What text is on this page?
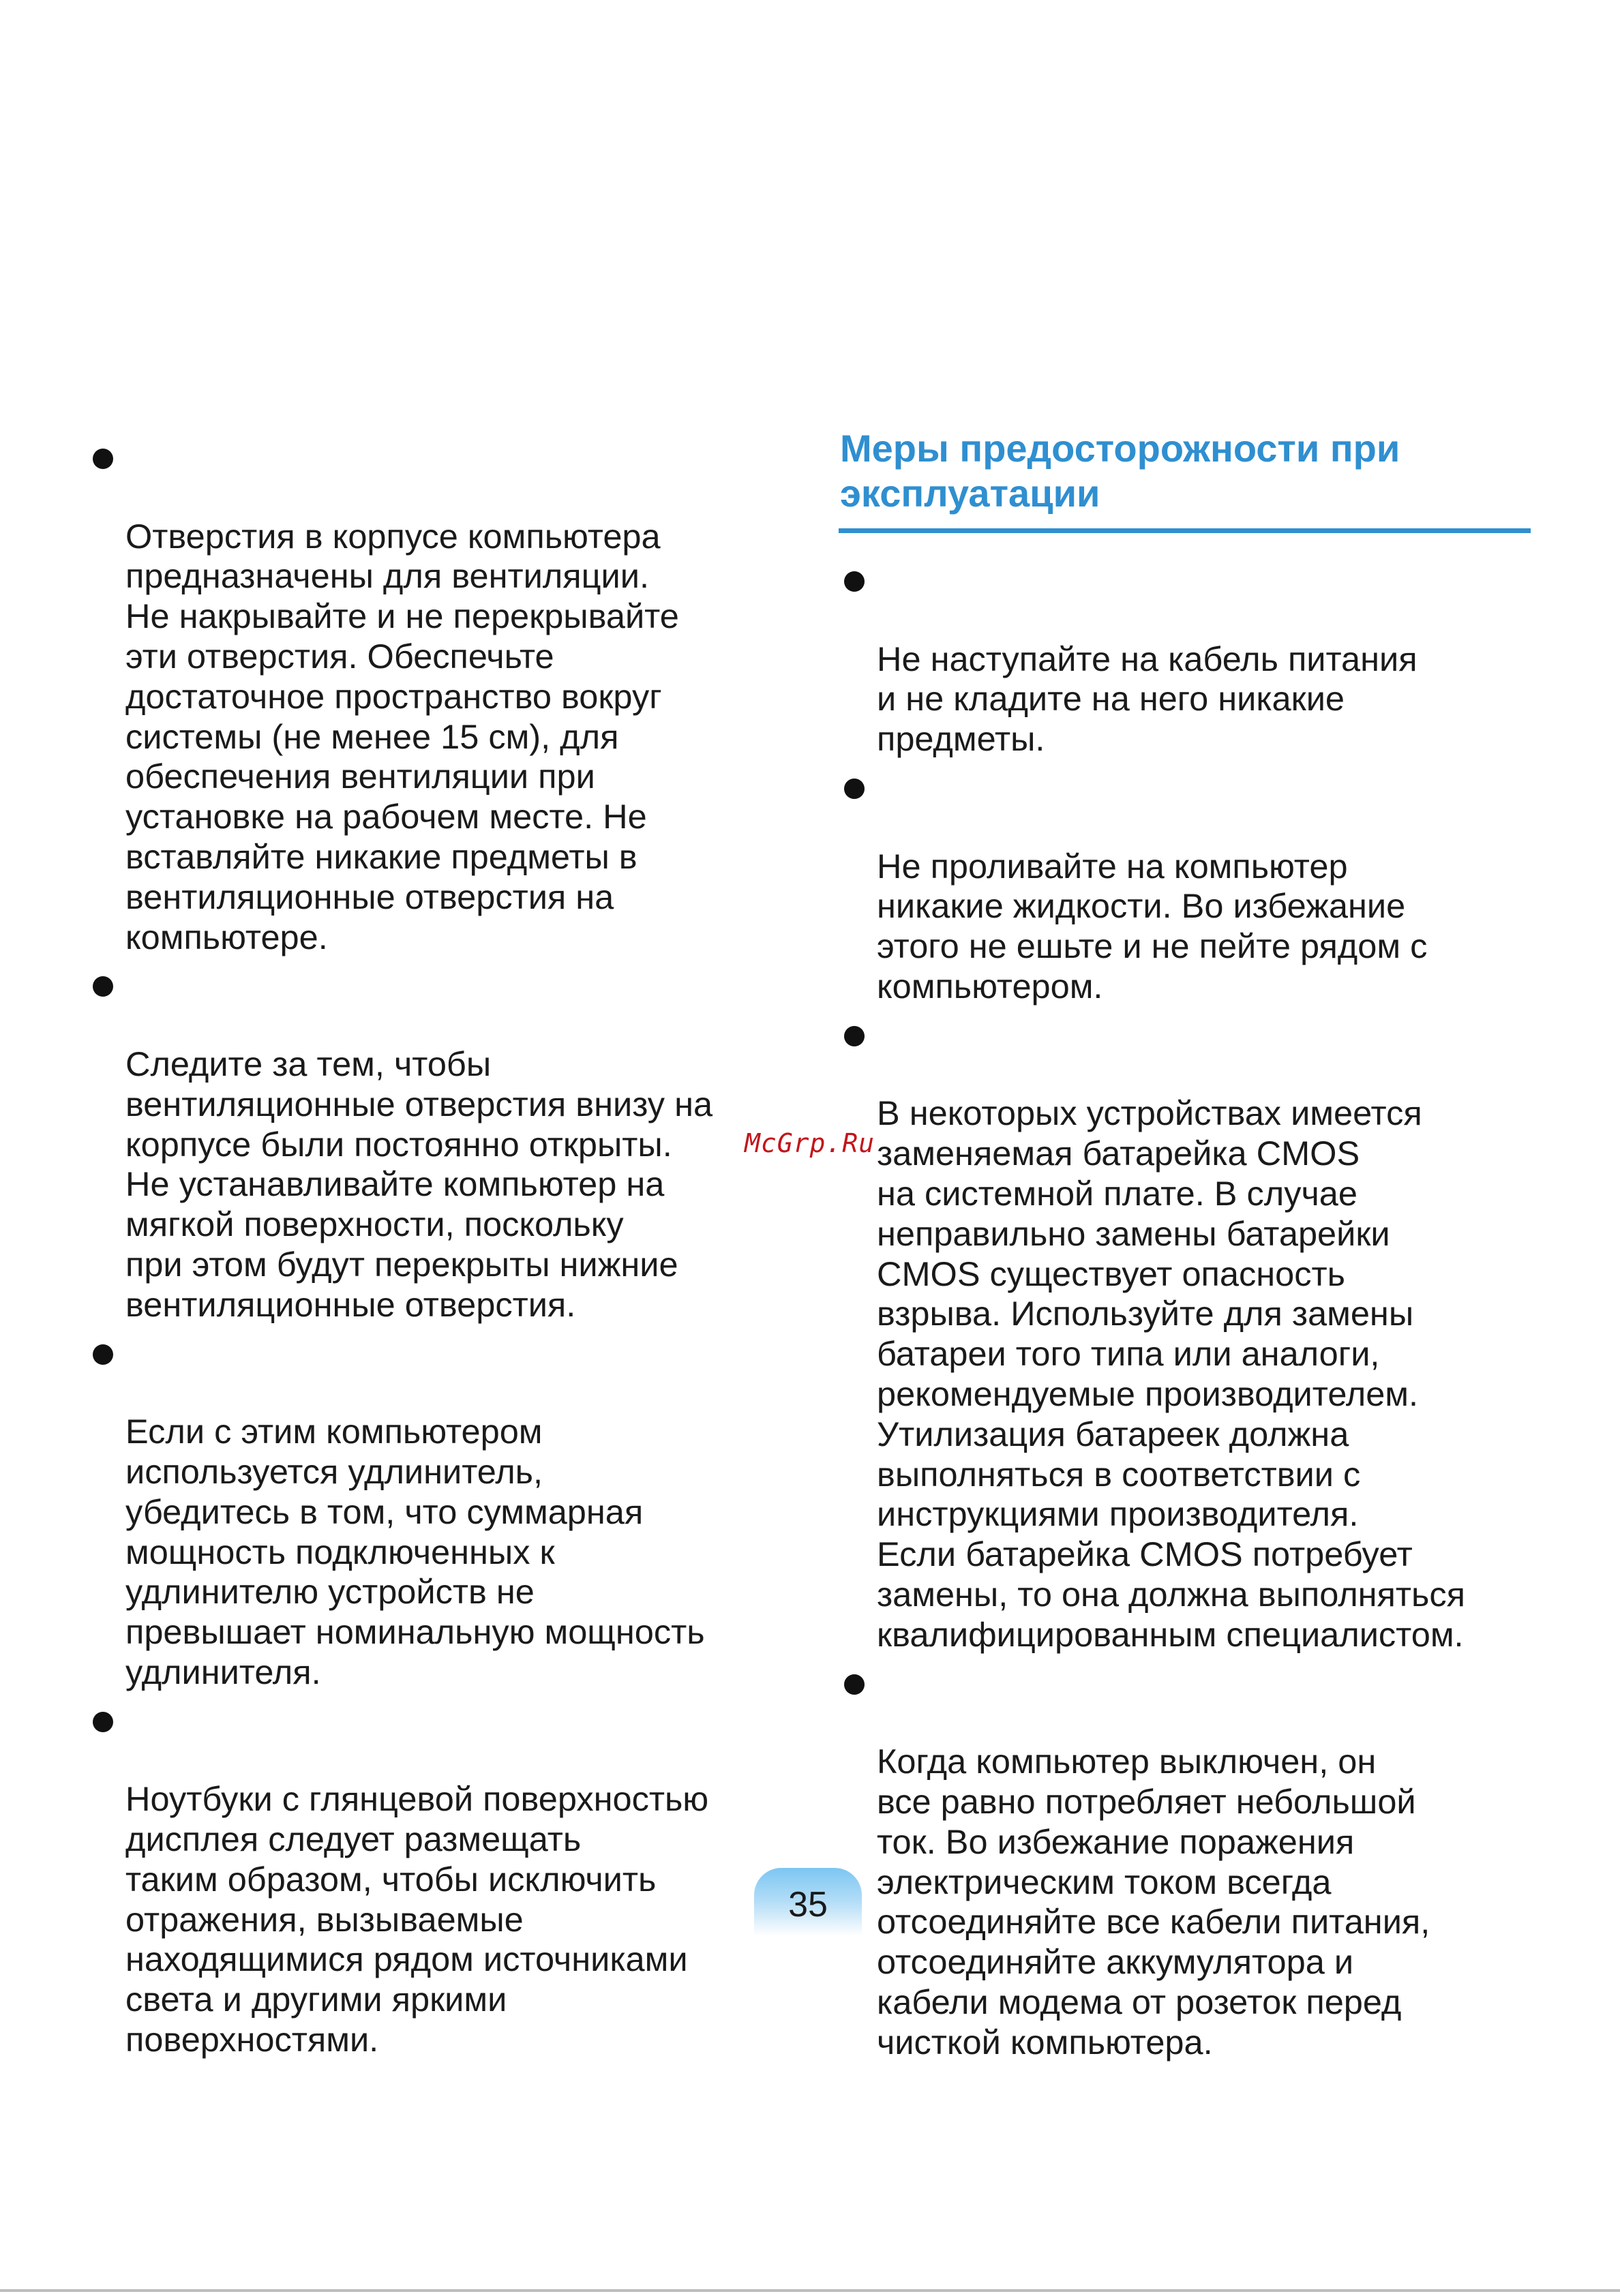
Отверстия в корпусе компьютера
предназначены для вентиляции.
Не накрывайте и не перекрывайте
эти отверстия. Обеспечьте
достаточное пространство вокруг
системы (не менее 15 см), для
обеспечения вентиляции при
установке на рабочем месте. Не
вставляйте никакие предметы в
вентиляционные отверстия на
компьютере.

Следите за тем, чтобы
вентиляционные отверстия внизу на
корпусе были постоянно открыты.
Не устанавливайте компьютер на
мягкой поверхности, поскольку
при этом будут перекрыты нижние
вентиляционные отверстия.

Если с этим компьютером
используется удлинитель,
убедитесь в том, что суммарная
мощность подключенных к
удлинителю устройств не
превышает номинальную мощность
удлинителя.

Ноутбуки с глянцевой поверхностью
дисплея следует размещать
таким образом, чтобы исключить
отражения, вызываемые
находящимися рядом источниками
света и другими яркими
поверхностями.

Меры предосторожности при
эксплуатации

Не наступайте на кабель питания
и не кладите на него никакие
предметы.

Не проливайте на компьютер
никакие жидкости. Во избежание
этого не ешьте и не пейте рядом с
компьютером.

В некоторых устройствах имеется
заменяемая батарейка CMOS
на системной плате. В случае
неправильно замены батарейки
CMOS существует опасность
взрыва. Используйте для замены
батареи того типа или аналоги,
рекомендуемые производителем.
Утилизация батареек должна
выполняться в соответствии с
инструкциями производителя.
Если батарейка CMOS потребует
замены, то она должна выполняться
квалифицированным специалистом.

Когда компьютер выключен, он
все равно потребляет небольшой
ток. Во избежание поражения
электрическим током всегда
отсоединяйте все кабели питания,
отсоединяйте аккумулятора и
кабели модема от розеток перед
чисткой компьютера.

McGrp.Ru
35
